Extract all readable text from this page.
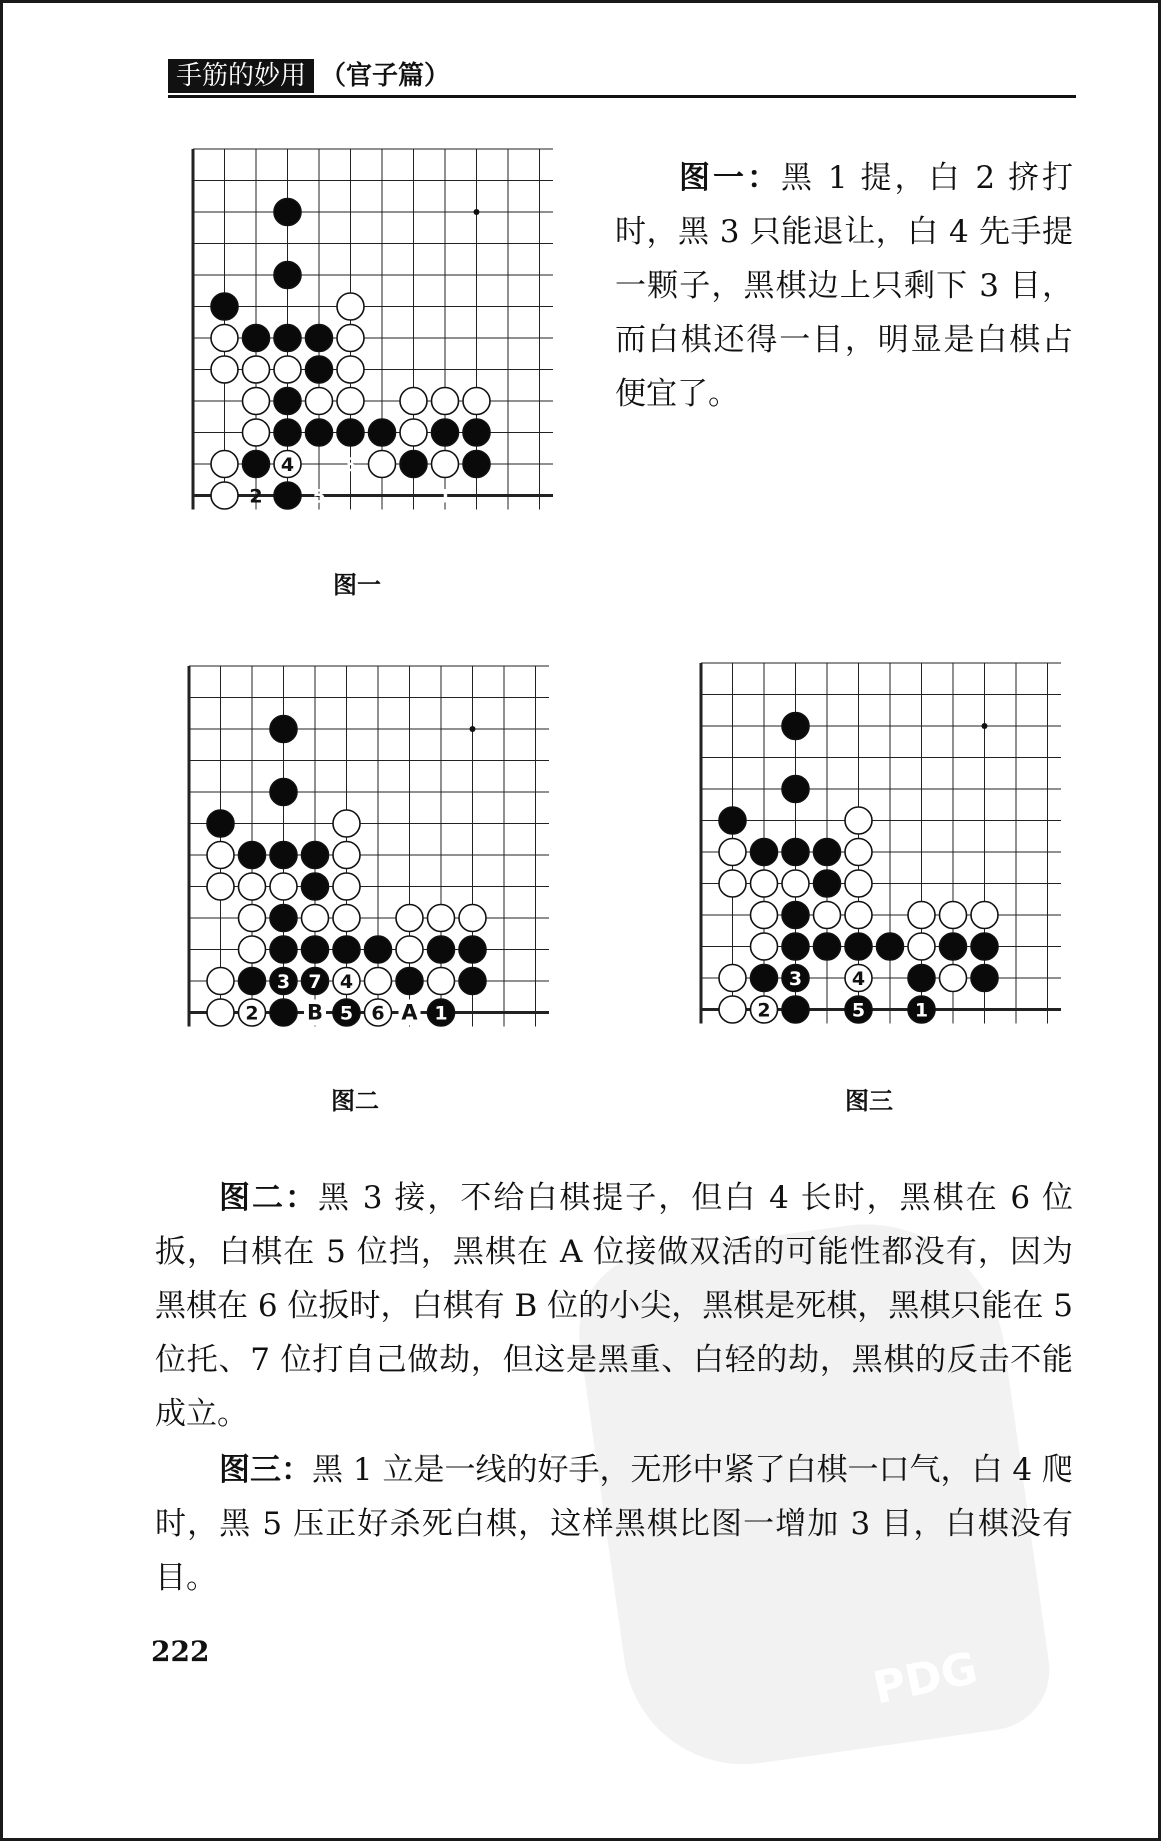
PDG
手筋的妙用 （官子篇）
1
2
3
4
5
图一
1
2
3	4
5 6
7
A
B
图二
1
2
3	4
5
图三

图一：黑 1 提，白 2 挤打时，黑 3 只能退让，白 4 先手提一颗子，黑棋边上只剩下 3 目，而白棋还得一目，明显是白棋占便宜了。

图二：黑 3 接，不给白棋提子，但白 4 长时，黑棋在 6 位扳，白棋在 5 位挡，黑棋在 A 位接做双活的可能性都没有，因为黑棋在 6 位扳时，白棋有 B 位的小尖，黑棋是死棋，黑棋只能在 5 位托、7 位打自己做劫，但这是黑重、白轻的劫，黑棋的反击不能成立。

图三：黑 1 立是一线的好手，无形中紧了白棋一口气，白 4 爬时，黑 5 压正好杀死白棋，这样黑棋比图一增加 3 目，白棋没有目。

222
